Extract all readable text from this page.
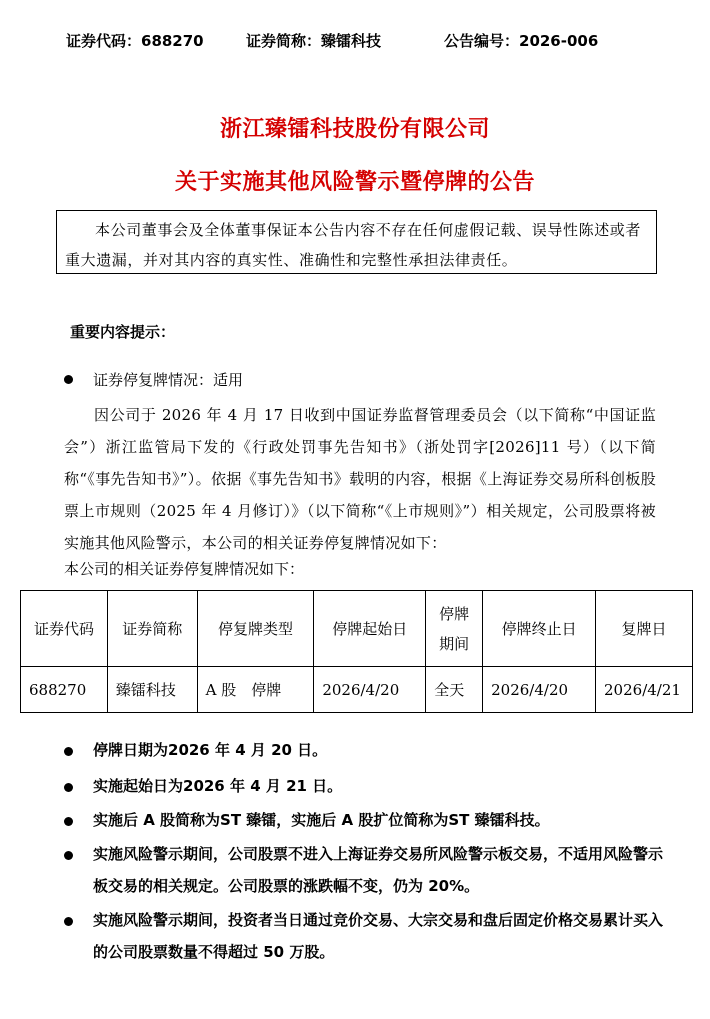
证券代码：688270	证券简称：臻镭科技	公告编号：2026-006
浙江臻镭科技股份有限公司
关于实施其他风险警示暨停牌的公告
本公司董事会及全体董事保证本公告内容不存在任何虚假记载、误导性陈述或者重大遗漏，并对其内容的真实性、准确性和完整性承担法律责任。
重要内容提示：
证券停复牌情况：适用
因公司于 2026 年 4 月 17 日收到中国证券监督管理委员会（以下简称“中国证监会”）浙江监管局下发的《行政处罚事先告知书》（浙处罚字[2026]11 号）（以下简称“《事先告知书》”）。依据《事先告知书》载明的内容，根据《上海证券交易所科创板股票上市规则（2025 年 4 月修订）》（以下简称“《上市规则》”）相关规定，公司股票将被实施其他风险警示，本公司的相关证券停复牌情况如下：
本公司的相关证券停复牌情况如下：
证券代码	证券简称	停复牌类型	停牌起始日	停牌期间	停牌终止日	复牌日
688270	臻镭科技	A 股　停牌	2026/4/20	全天	2026/4/20	2026/4/21
停牌日期为2026 年 4 月 20 日。
实施起始日为2026 年 4 月 21 日。
实施后 A 股简称为ST 臻镭，实施后 A 股扩位简称为ST 臻镭科技。
实施风险警示期间，公司股票不进入上海证券交易所风险警示板交易，不适用风险警示板交易的相关规定。公司股票的涨跌幅不变，仍为 20%。
实施风险警示期间，投资者当日通过竞价交易、大宗交易和盘后固定价格交易累计买入的公司股票数量不得超过 50 万股。
